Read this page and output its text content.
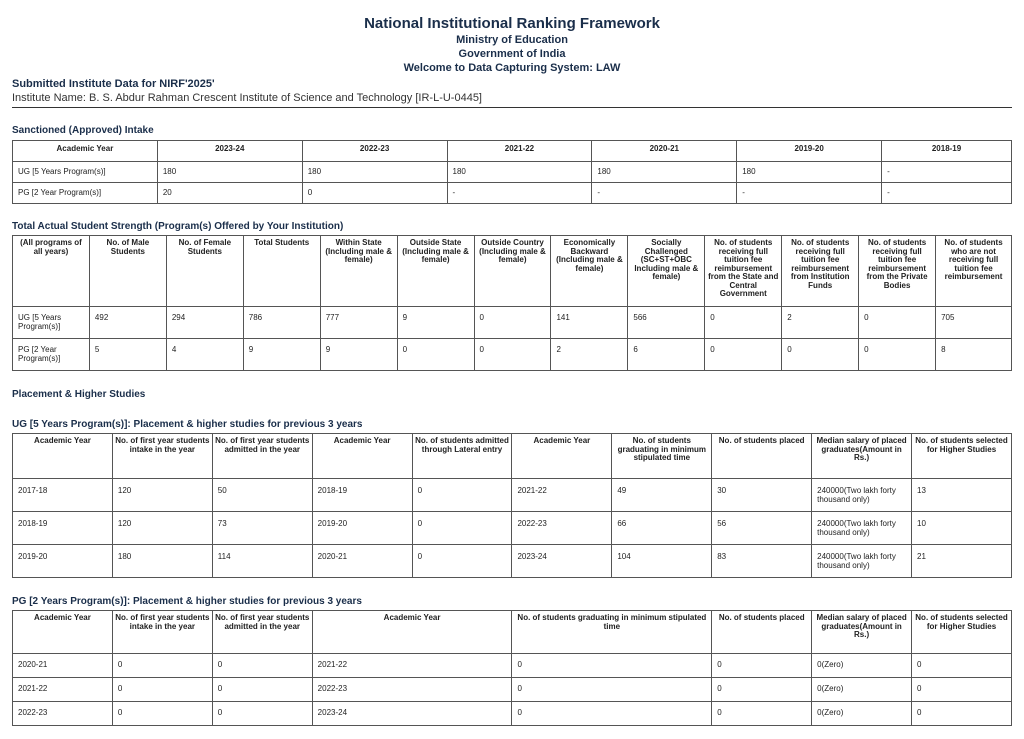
National Institutional Ranking Framework
Ministry of Education
Government of India
Welcome to Data Capturing System: LAW
Submitted Institute Data for NIRF'2025'
Institute Name: B. S. Abdur Rahman Crescent Institute of Science and Technology [IR-L-U-0445]
Sanctioned (Approved) Intake
Academic Year	2023-24	2022-23	2021-22	2020-21	2019-20	2018-19
UG [5 Years Program(s)]	180	180	180	180	180	-
PG [2 Year Program(s)]	20	0	-	-	-	-
Total Actual Student Strength (Program(s) Offered by Your Institution)
(All programs of all years)	No. of Male Students	No. of Female Students	Total Students	Within State (Including male & female)	Outside State (Including male & female)	Outside Country (Including male & female)	Economically Backward (Including male & female)	Socially Challenged (SC+ST+OBC Including male & female)	No. of students receiving full tuition fee reimbursement from the State and Central Government	No. of students receiving full tuition fee reimbursement from Institution Funds	No. of students receiving full tuition fee reimbursement from the Private Bodies	No. of students who are not receiving full tuition fee reimbursement
UG [5 Years Program(s)]	492	294	786	777	9	0	141	566	0	2	0	705
PG [2 Year Program(s)]	5	4	9	9	0	0	2	6	0	0	0	8
Placement & Higher Studies
UG [5 Years Program(s)]: Placement & higher studies for previous 3 years
Academic Year	No. of first year students intake in the year	No. of first year students admitted in the year	Academic Year	No. of students admitted through Lateral entry	Academic Year	No. of students graduating in minimum stipulated time	No. of students placed	Median salary of placed graduates(Amount in Rs.)	No. of students selected for Higher Studies
2017-18	120	50	2018-19	0	2021-22	49	30	240000(Two lakh forty thousand only)	13
2018-19	120	73	2019-20	0	2022-23	66	56	240000(Two lakh forty thousand only)	10
2019-20	180	114	2020-21	0	2023-24	104	83	240000(Two lakh forty thousand only)	21
PG [2 Years Program(s)]: Placement & higher studies for previous 3 years
Academic Year	No. of first year students intake in the year	No. of first year students admitted in the year	Academic Year	No. of students graduating in minimum stipulated time	No. of students placed	Median salary of placed graduates(Amount in Rs.)	No. of students selected for Higher Studies
2020-21	0	0	2021-22	0	0	0(Zero)	0
2021-22	0	0	2022-23	0	0	0(Zero)	0
2022-23	0	0	2023-24	0	0	0(Zero)	0
